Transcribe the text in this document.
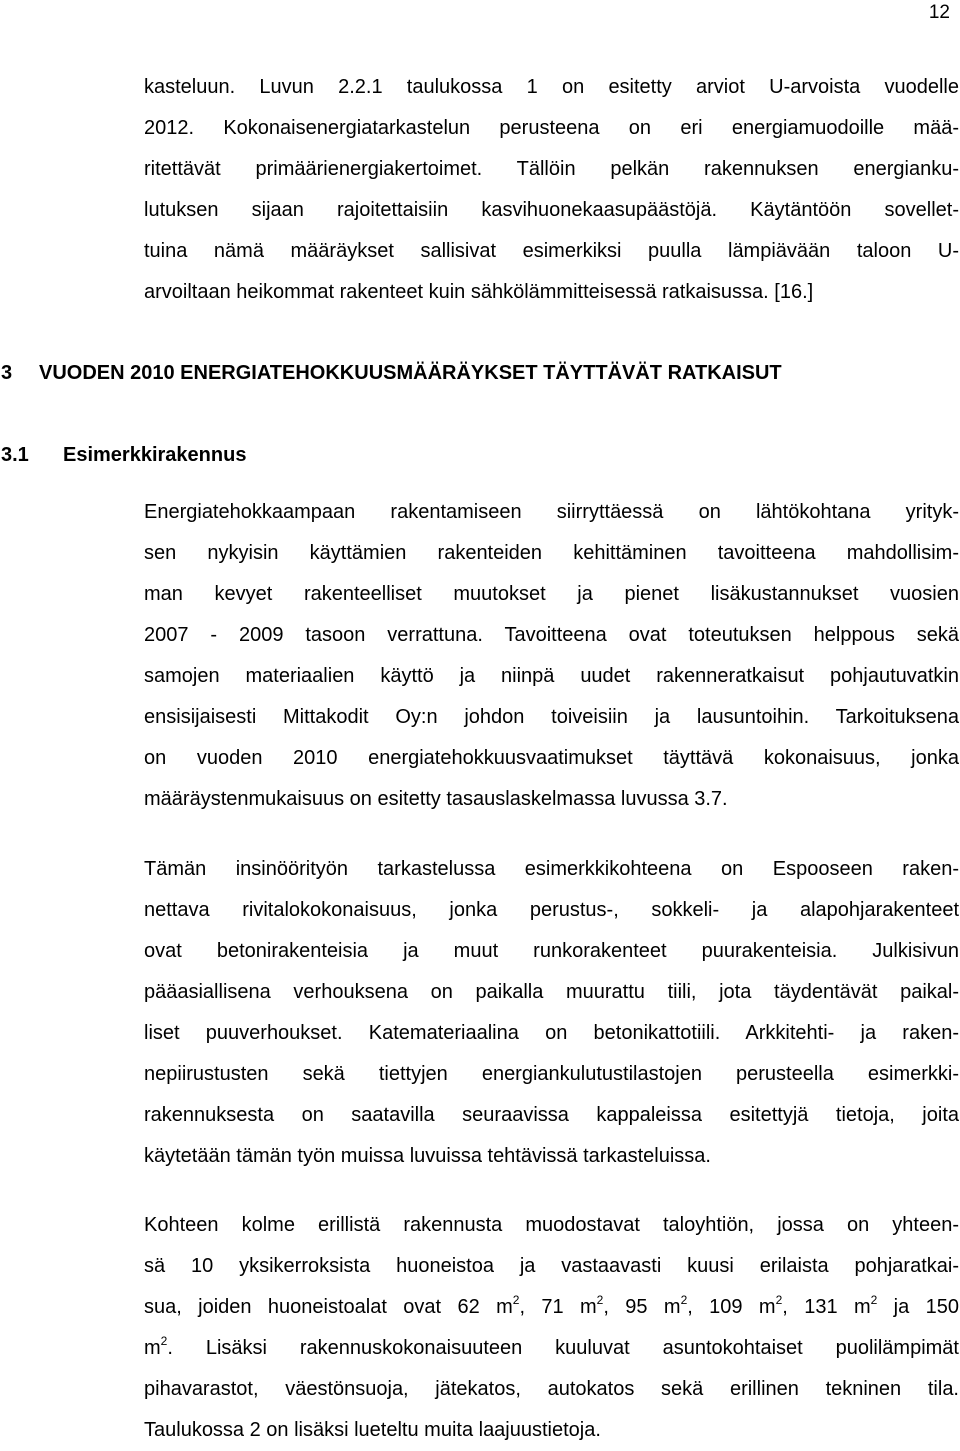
12
kasteluun. Luvun 2.2.1 taulukossa 1 on esitetty arviot U-arvoista vuodelle
2012. Kokonaisenergiatarkastelun perusteena on eri energiamuodoille mää-
ritettävät primäärienergiakertoimet. Tällöin pelkän rakennuksen energianku-
lutuksen sijaan rajoitettaisiin kasvihuonekaasupäästöjä. Käytäntöön sovellet-
tuina nämä määräykset sallisivat esimerkiksi puulla lämpiävään taloon U-
arvoiltaan heikommat rakenteet kuin sähkölämmitteisessä ratkaisussa. [16.]
3 VUODEN 2010 ENERGIATEHOKKUUSMÄÄRÄYKSET TÄYTTÄVÄT RATKAISUT
3.1 Esimerkkirakennus
Energiatehokkaampaan rakentamiseen siirryttäessä on lähtökohtana yrityk-
sen nykyisin käyttämien rakenteiden kehittäminen tavoitteena mahdollisim-
man kevyet rakenteelliset muutokset ja pienet lisäkustannukset vuosien
2007 - 2009 tasoon verrattuna. Tavoitteena ovat toteutuksen helppous sekä
samojen materiaalien käyttö ja niinpä uudet rakenneratkaisut pohjautuvatkin
ensisijaisesti Mittakodit Oy:n johdon toiveisiin ja lausuntoihin. Tarkoituksena
on vuoden 2010 energiatehokkuusvaatimukset täyttävä kokonaisuus, jonka
määräystenmukaisuus on esitetty tasauslaskelmassa luvussa 3.7.
Tämän insinöörityön tarkastelussa esimerkkikohteena on Espooseen raken-
nettava rivitalokokonaisuus, jonka perustus-, sokkeli- ja alapohjarakenteet
ovat betonirakenteisia ja muut runkorakenteet puurakenteisia. Julkisivun
pääasiallisena verhouksena on paikalla muurattu tiili, jota täydentävät paikal-
liset puuverhoukset. Katemateriaalina on betonikattotiili. Arkkitehti- ja raken-
nepiirustusten sekä tiettyjen energiankulutustilastojen perusteella esimerkki-
rakennuksesta on saatavilla seuraavissa kappaleissa esitettyjä tietoja, joita
käytetään tämän työn muissa luvuissa tehtävissä tarkasteluissa.
Kohteen kolme erillistä rakennusta muodostavat taloyhtiön, jossa on yhteen-
sä 10 yksikerroksista huoneistoa ja vastaavasti kuusi erilaista pohjaratkai-
sua, joiden huoneistoalat ovat 62 $m^2$, 71 $m^2$, 95 $m^2$, 109 $m^2$, 131 $m^2$ ja 150
$m^2$. Lisäksi rakennuskokonaisuuteen kuuluvat asuntokohtaiset puolilämpimät
pihavarastot, väestönsuoja, jätekatos, autokatos sekä erillinen tekninen tila.
Taulukossa 2 on lisäksi lueteltu muita laajuustietoja.
